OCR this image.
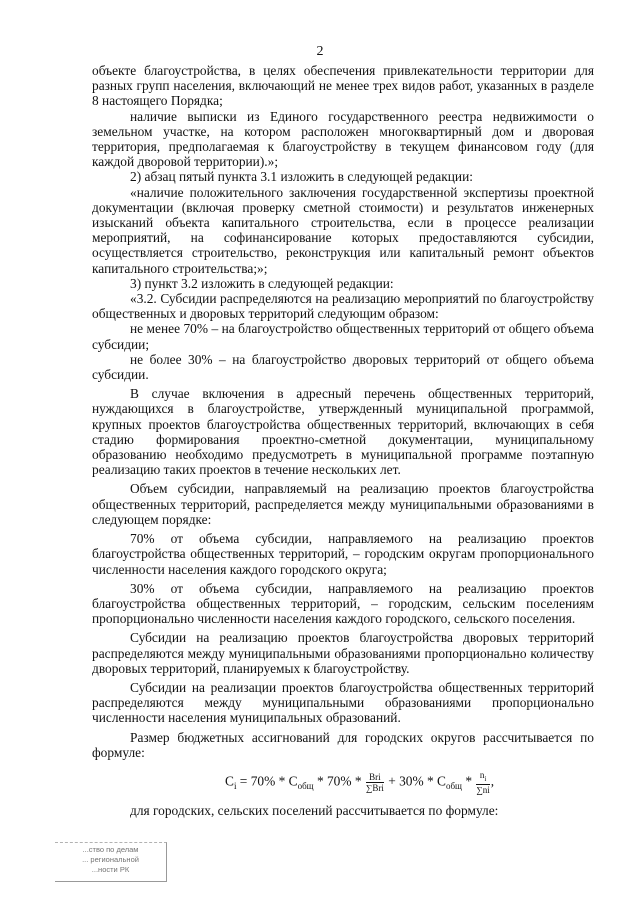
2

объекте благоустройства, в целях обеспечения привлекательности территории для разных групп населения, включающий не менее трех видов работ, указанных в разделе 8 настоящего Порядка;

наличие выписки из Единого государственного реестра недвижимости о земельном участке, на котором расположен многоквартирный дом и дворовая территория, предполагаемая к благоустройству в текущем финансовом году (для каждой дворовой территории).»;

2) абзац пятый пункта 3.1 изложить в следующей редакции:

«наличие положительного заключения государственной экспертизы проектной документации (включая проверку сметной стоимости) и результатов инженерных изысканий объекта капитального строительства, если в процессе реализации мероприятий, на софинансирование которых предоставляются субсидии, осуществляется строительство, реконструкция или капитальный ремонт объектов капитального строительства;»;

3) пункт 3.2 изложить в следующей редакции:

«3.2. Субсидии распределяются на реализацию мероприятий по благоустройству общественных и дворовых территорий следующим образом:

не менее 70% – на благоустройство общественных территорий от общего объема субсидии;

не более 30% – на благоустройство дворовых территорий от общего объема субсидии.

В случае включения в адресный перечень общественных территорий, нуждающихся в благоустройстве, утвержденный муниципальной программой, крупных проектов благоустройства общественных территорий, включающих в себя стадию формирования проектно-сметной документации, муниципальному образованию необходимо предусмотреть в муниципальной программе поэтапную реализацию таких проектов в течение нескольких лет.

Объем субсидии, направляемый на реализацию проектов благоустройства общественных территорий, распределяется между муниципальными образованиями в следующем порядке:

70% от объема субсидии, направляемого на реализацию проектов благоустройства общественных территорий, – городским округам пропорционального численности населения каждого городского округа;

30% от объема субсидии, направляемого на реализацию проектов благоустройства общественных территорий, – городским, сельским поселениям пропорционально численности населения каждого городского, сельского поселения.

Субсидии на реализацию проектов благоустройства дворовых территорий распределяются между муниципальными образованиями пропорционально количеству дворовых территорий, планируемых к благоустройству.

Субсидии на реализации проектов благоустройства общественных территорий распределяются между муниципальными образованиями пропорционально численности населения муниципальных образований.

Размер бюджетных ассигнований для городских округов рассчитывается по формуле:

$C_i = 70\% * C_{общ} * 70\% * \frac{\text{Bri}}{\text{∑Bri}} + 30\% * C_{общ} * \frac{n_i}{\sum ni}$ ,

для городских, сельских поселений рассчитывается по формуле:

...ство по делам
... региональной
...ности РК
